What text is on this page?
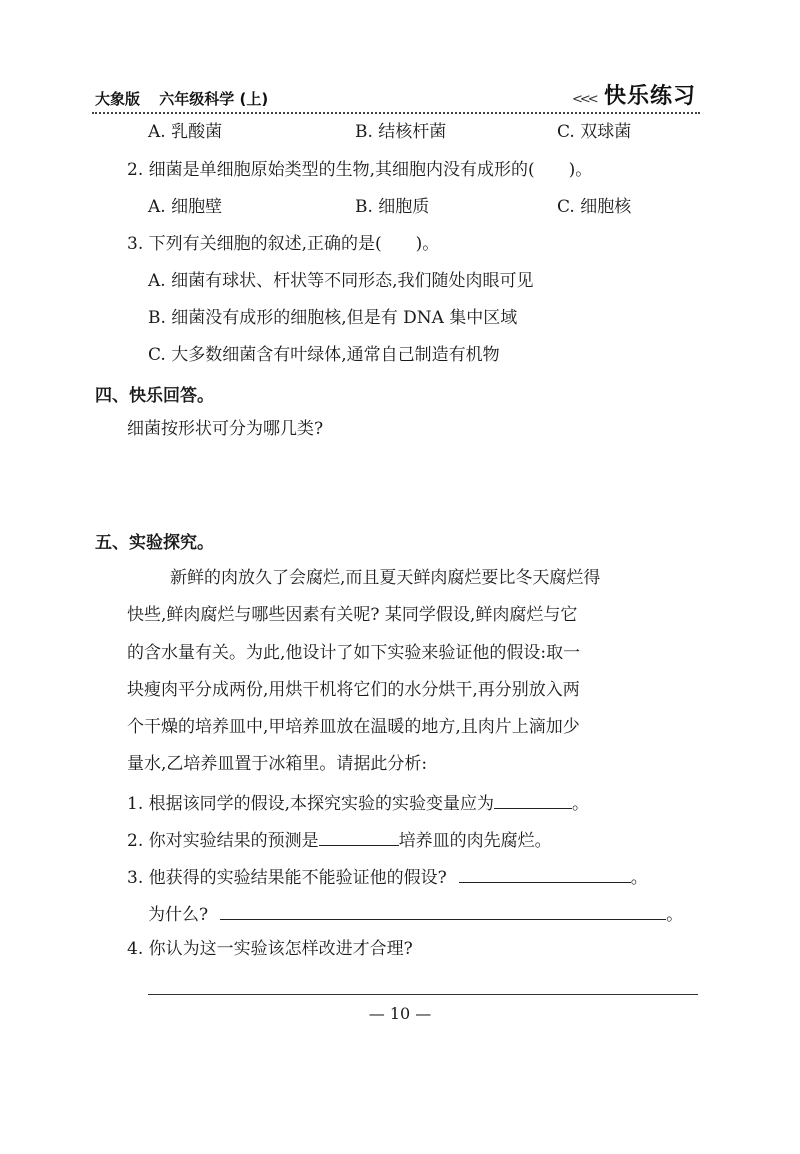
大象版 六年级科学 (上)	<<< 快乐练习
A. 乳酸菌	B. 结核杆菌	C. 双球菌
2. 细菌是单细胞原始类型的生物,其细胞内没有成形的(　　)。
A. 细胞壁	B. 细胞质	C. 细胞核
3. 下列有关细胞的叙述,正确的是(　　)。
A. 细菌有球状、杆状等不同形态,我们随处肉眼可见
B. 细菌没有成形的细胞核,但是有 DNA 集中区域
C. 大多数细菌含有叶绿体,通常自己制造有机物
四、快乐回答。
细菌按形状可分为哪几类?
五、实验探究。
新鲜的肉放久了会腐烂,而且夏天鲜肉腐烂要比冬天腐烂得
快些,鲜肉腐烂与哪些因素有关呢? 某同学假设,鲜肉腐烂与它
的含水量有关。为此,他设计了如下实验来验证他的假设:取一
块瘦肉平分成两份,用烘干机将它们的水分烘干,再分别放入两
个干燥的培养皿中,甲培养皿放在温暖的地方,且肉片上滴加少
量水,乙培养皿置于冰箱里。请据此分析:
1. 根据该同学的假设,本探究实验的实验变量应为	。
2. 你对实验结果的预测是	培养皿的肉先腐烂。
3. 他获得的实验结果能不能验证他的假设?	。
为什么?	。
4. 你认为这一实验该怎样改进才合理?
— 10 —
